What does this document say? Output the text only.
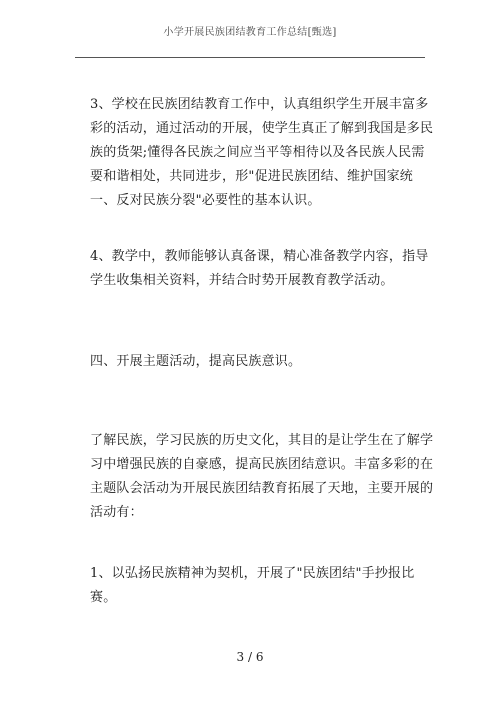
小学开展民族团结教育工作总结[甄选]

3、学校在民族团结教育工作中，认真组织学生开展丰富多彩的活动，通过活动的开展，使学生真正了解到我国是多民族的货架;懂得各民族之间应当平等相待以及各民族人民需要和谐相处，共同进步，形"促进民族团结、维护国家统一、反对民族分裂"必要性的基本认识。

4、教学中，教师能够认真备课，精心准备教学内容，指导学生收集相关资料，并结合时势开展教育教学活动。

四、开展主题活动，提高民族意识。

了解民族，学习民族的历史文化，其目的是让学生在了解学习中增强民族的自豪感，提高民族团结意识。丰富多彩的在主题队会活动为开展民族团结教育拓展了天地，主要开展的活动有：

1、以弘扬民族精神为契机，开展了"民族团结"手抄报比赛。

3 / 6
